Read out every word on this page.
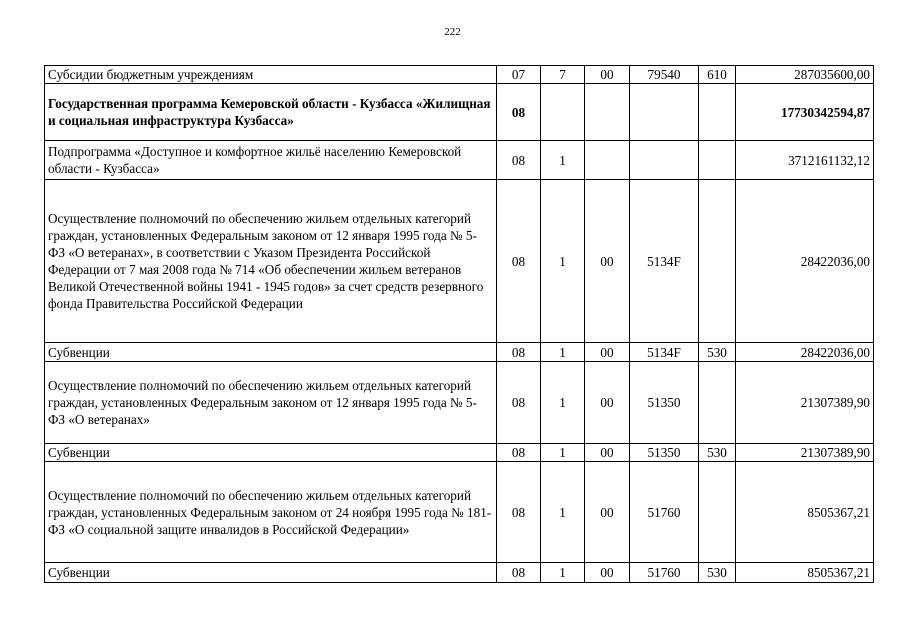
222
Субсидии бюджетным учреждениям	07	7	00	79540	610	287035600,00
Государственная программа Кемеровской области - Кузбасса «Жилищная и социальная инфраструктура Кузбасса»	08					17730342594,87
Подпрограмма «Доступное и комфортное жильё населению Кемеровской области - Кузбасса»	08	1				3712161132,12
Осуществление полномочий по обеспечению жильем отдельных категорий граждан, установленных Федеральным законом от 12 января 1995 года № 5-ФЗ «О ветеранах», в соответствии с Указом Президента Российской Федерации от 7 мая 2008 года № 714 «Об обеспечении жильем ветеранов Великой Отечественной войны 1941 - 1945 годов» за счет средств резервного фонда Правительства Российской Федерации	08	1	00	5134F		28422036,00
Субвенции	08	1	00	5134F	530	28422036,00
Осуществление полномочий по обеспечению жильем отдельных категорий граждан, установленных Федеральным законом от 12 января 1995 года № 5-ФЗ «О ветеранах»	08	1	00	51350		21307389,90
Субвенции	08	1	00	51350	530	21307389,90
Осуществление полномочий по обеспечению жильем отдельных категорий граждан, установленных Федеральным законом от 24 ноября 1995 года № 181-ФЗ «О социальной защите инвалидов в Российской Федерации»	08	1	00	51760		8505367,21
Субвенции	08	1	00	51760	530	8505367,21
